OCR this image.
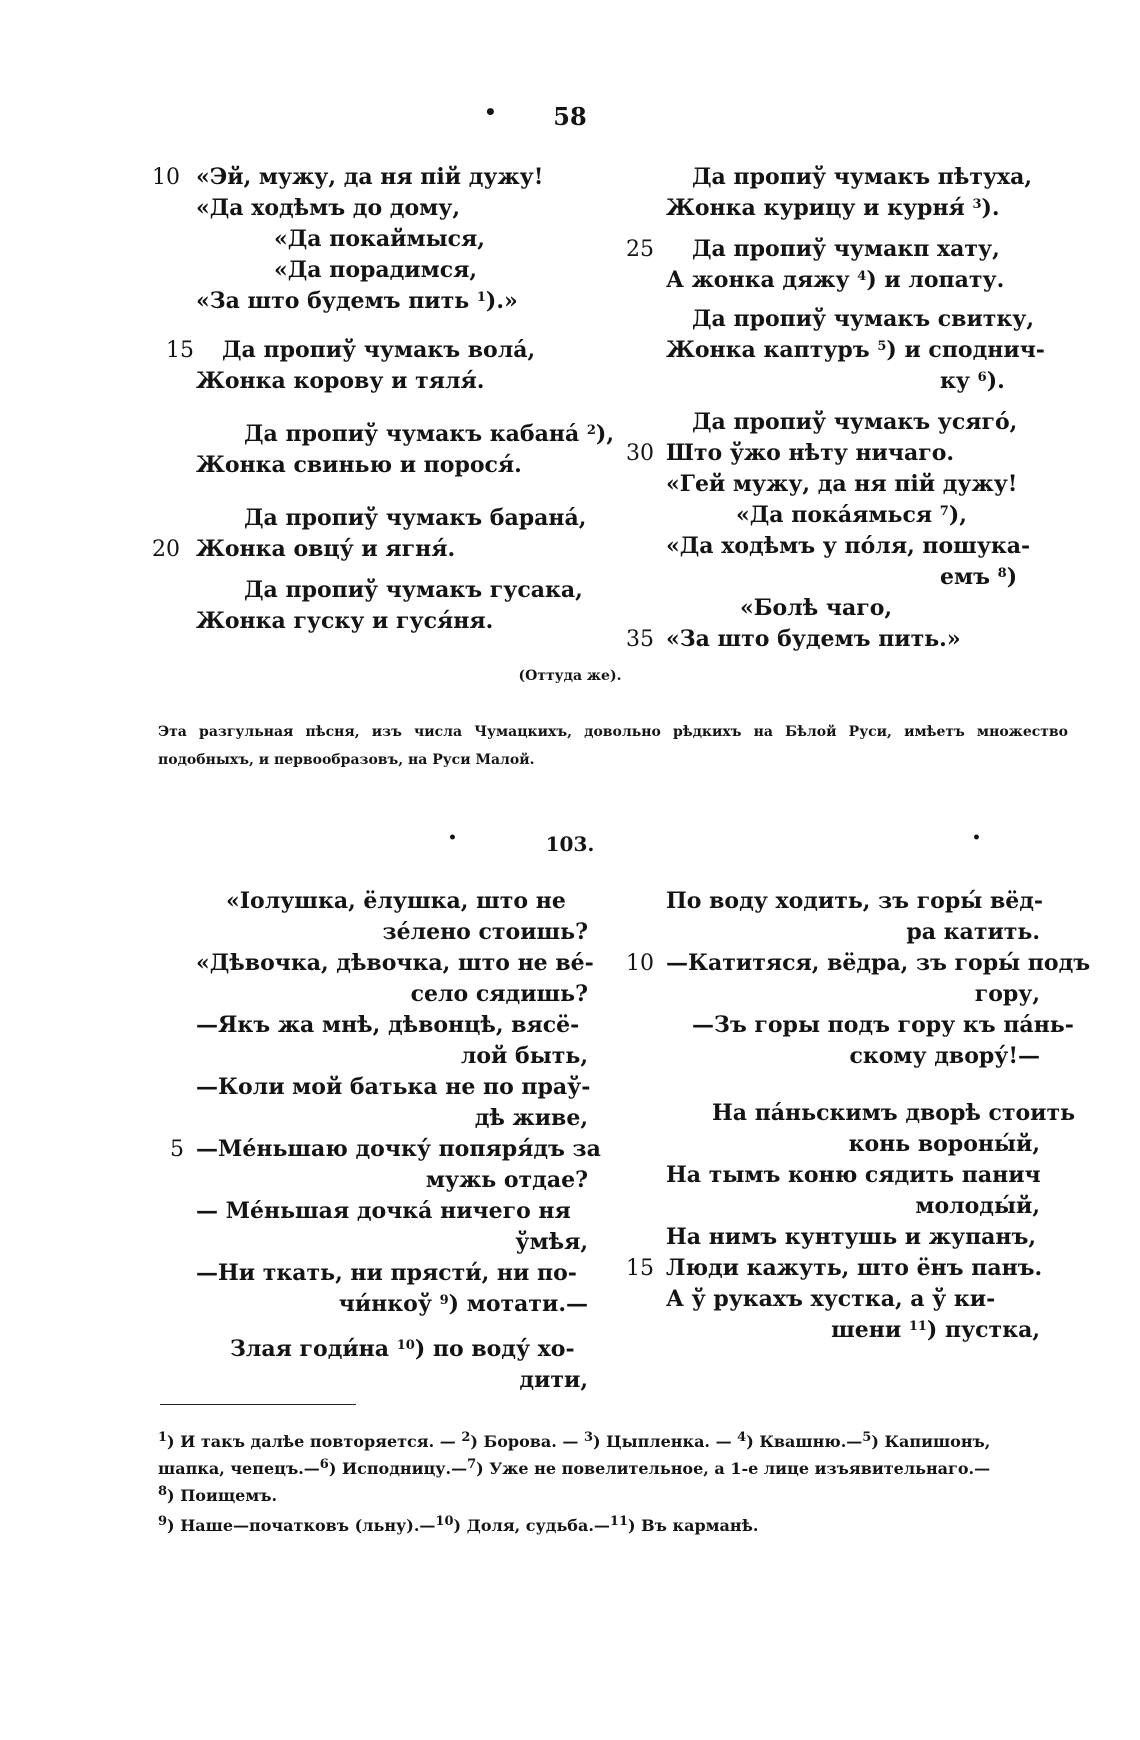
•	58
10 «Эй, мужу, да ня пій дужу!
«Да ходѣмъ до дому,
«Да покаймыся,
«Да порадимся,
«За што будемъ пить $^1$).»
15 Да пропиў чумакъ волá,
Жонка корову и тяля́.
Да пропиў чумакъ кабанá $^2$),
Жонка свинью и порося́.
Да пропиў чумакъ баранá,
20 Жонка овцу́ и ягня́.
Да пропиў чумакъ гусака,
Жонка гуску и гуся́ня.
Да пропиў чумакъ пѣтуха,
Жонка курицу и курня́ $^3$).
25 Да пропиў чумакп хату,
А жонка дяжу $^4$) и лопату.
Да пропиў чумакъ свитку,
Жонка каптуръ $^5$) и споднич-
ку $^6$).
Да пропиў чумакъ усягó,
30 Што ўжо нѣту ничаго.
«Гей мужу, да ня пій дужу!
«Да покáямься $^7$),
«Да ходѣмъ у пóля, пошука-
емъ $^8$)
«Болѣ чаго,
35 «За што будемъ пить.»
(Оттуда же).
Эта разгульная пѣсня, изъ числа Чумацкихъ, довольно рѣдкихъ на Бѣлой Руси, имѣетъ множество подобныхъ, и первообразовъ, на Руси Малой.
•	103.	•
«Іолушка, ёлушка, што не
зéлено стоишь?
«Дѣвочка, дѣвочка, што не вé-
село сядишь?
—Якъ жа мнѣ, дѣвонцѣ, вясё-
лой быть,
—Коли мой батька не по праў-
дѣ живе,
5 —Мéньшаю дочку́ попяря́дъ за
мужь отдае?
— Мéньшая дочкá ничего ня
ўмѣя,
—Ни ткать, ни прясти́, ни по-
чи́нкоў $^9$) мотати.—
Злая годи́на $^{10}$) по воду́ хо-
дити,
По воду ходить, зъ горы́ вёд-
ра катить.
10 —Катитяся, вёдра, зъ горы́ подъ
гору,
—Зъ горы подъ гору къ пáнь-
скому двору́!—
На пáньскимъ дворѣ стоить
конь вороны́й,
На тымъ коню сядить панич
молоды́й,
На нимъ кунтушь и жупанъ,
15 Люди кажуть, што ёнъ панъ.
А ў рукахъ хустка, а ў ки-
шени $^{11}$) пустка,
$^1$) И такъ далѣе повторяется. — $^2$) Борова. — $^3$) Цыпленка. — $^4$) Квашню.—$^5$) Капишонъ,
шапка, чепецъ.—$^6$) Исподницу.—$^7$) Уже не повелительное, а 1-е лице изъявительнаго.—
$^8$) Поищемъ.
$^9$) Наше—початковъ (льну).—$^{10}$) Доля, судьба.—$^{11}$) Въ карманѣ.
